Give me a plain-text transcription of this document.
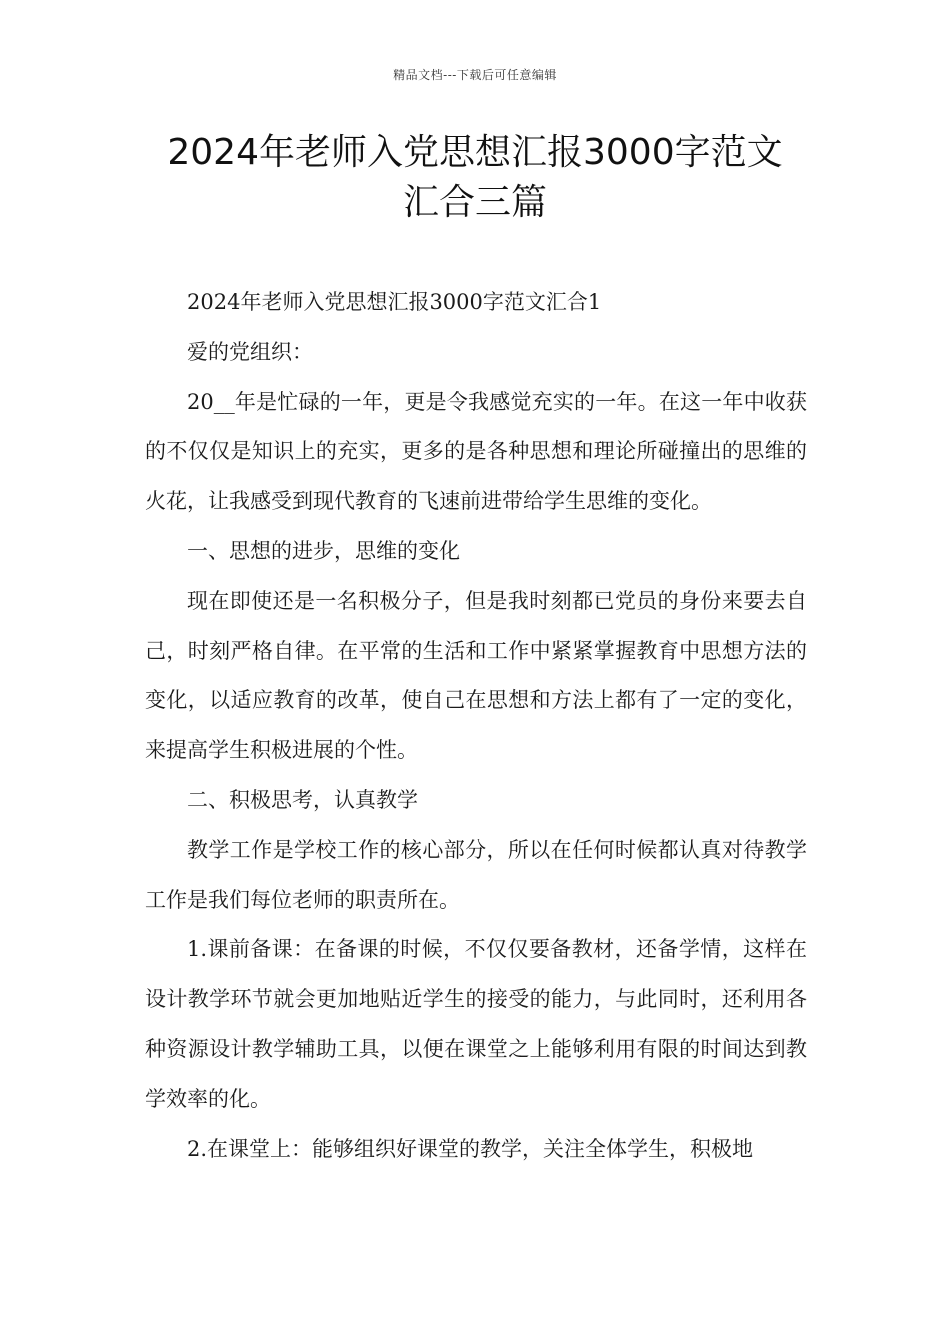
精品文档---下载后可任意编辑
2024年老师入党思想汇报3000字范文
汇合三篇

2024年老师入党思想汇报3000字范文汇合1

爱的党组织：

20__年是忙碌的一年，更是令我感觉充实的一年。在这一年中收获的不仅仅是知识上的充实，更多的是各种思想和理论所碰撞出的思维的火花，让我感受到现代教育的飞速前进带给学生思维的变化。

一、思想的进步，思维的变化

现在即使还是一名积极分子，但是我时刻都已党员的身份来要去自己，时刻严格自律。在平常的生活和工作中紧紧掌握教育中思想方法的变化，以适应教育的改革，使自己在思想和方法上都有了一定的变化，来提高学生积极进展的个性。

二、积极思考，认真教学

教学工作是学校工作的核心部分，所以在任何时候都认真对待教学工作是我们每位老师的职责所在。

1.课前备课：在备课的时候，不仅仅要备教材，还备学情，这样在设计教学环节就会更加地贴近学生的接受的能力，与此同时，还利用各种资源设计教学辅助工具，以便在课堂之上能够利用有限的时间达到教学效率的化。

2.在课堂上：能够组织好课堂的教学，关注全体学生，积极地
